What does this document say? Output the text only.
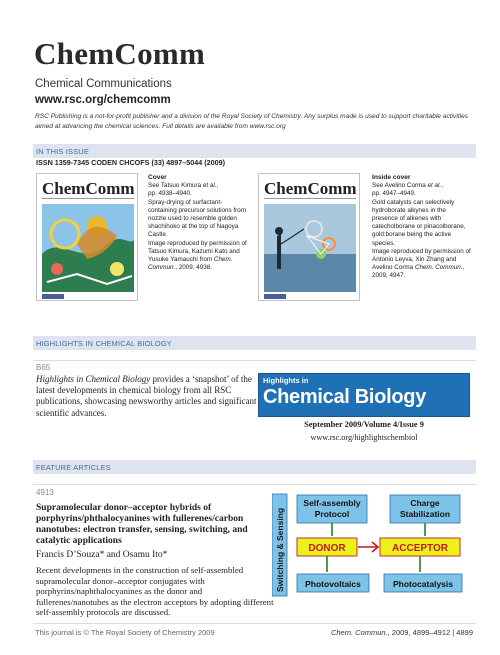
ChemComm
Chemical Communications
www.rsc.org/chemcomm
RSC Publishing is a not-for-profit publisher and a division of the Royal Society of Chemistry. Any surplus made is used to support charitable activities aimed at advancing the chemical sciences. Full details are available from www.rsc.org
IN THIS ISSUE
ISSN 1359-7345 CODEN CHCOFS (33) 4897–5044 (2009)
ChemComm
Cover
See Tatsuo Kimura et al.,
pp. 4938–4940.
Spray-drying of surfactant-containing precursor solutions from nozzle used to resemble golden shachihoko at the top of Nagoya Castle.
Image reproduced by permission of Tatsuo Kimura, Kazumi Kato and Yusuke Yamauchi from Chem. Commun., 2009, 4938.
ChemComm
Inside cover
See Avelino Corma et al.,
pp. 4947–4949.
Gold catalysts can selectively hydroborate alkynes in the presence of alkenes with catecholborane or pinacolborane, gold:borane being the active species.
Image reproduced by permission of Antonio Leyva, Xin Zhang and Avelino Corma Chem. Commun., 2009, 4947.
HIGHLIGHTS IN CHEMICAL BIOLOGY
B65
Highlights in Chemical Biology provides a ‘snapshot’ of the latest developments in chemical biology from all RSC publications, showcasing newsworthy articles and significant scientific advances.
Highlights in
Chemical Biology
September 2009/Volume 4/Issue 9
www.rsc.org/highlightschembiol
FEATURE ARTICLES
4913
Supramolecular donor–acceptor hybrids of porphyrins/phthalocyanines with fullerenes/carbon nanotubes: electron transfer, sensing, switching, and catalytic applications
Francis D’Souza* and Osamu Ito*
Recent developments in the construction of self-assembled supramolecular donor–acceptor conjugates with porphyrins/naphthalocyanines as the donor and fullerenes/nanotubes as the electron acceptors by adopting different self-assembly protocols are discussed.
Switching & Sensing
Self-assembly Protocol
Charge Stabilization
DONOR	ACCEPTOR
Photovoltaics	Photocatalysis
This journal is © The Royal Society of Chemistry 2009	Chem. Commun., 2009, 4899–4912 | 4899
